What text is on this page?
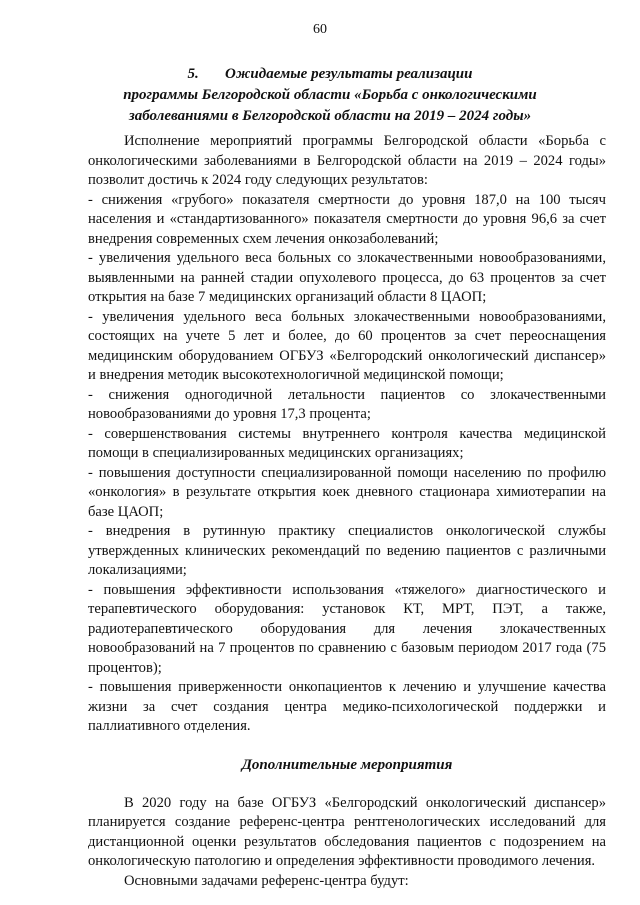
60
5. Ожидаемые результаты реализации
программы Белгородской области «Борьба с онкологическими
заболеваниями в Белгородской области на 2019 – 2024 годы»

Исполнение мероприятий программы Белгородской области «Борьба с онкологическими заболеваниями в Белгородской области на 2019 – 2024 годы» позволит достичь к 2024 году следующих результатов:

- снижения «грубого» показателя смертности до уровня 187,0 на 100 тысяч населения и «стандартизованного» показателя смертности до уровня 96,6 за счет внедрения современных схем лечения онкозаболеваний;

- увеличения удельного веса больных со злокачественными новообразованиями, выявленными на ранней стадии опухолевого процесса, до 63 процентов за счет открытия на базе 7 медицинских организаций области 8 ЦАОП;

- увеличения удельного веса больных злокачественными новообразованиями, состоящих на учете 5 лет и более, до 60 процентов за счет переоснащения медицинским оборудованием ОГБУЗ «Белгородский онкологический диспансер» и внедрения методик высокотехнологичной медицинской помощи;

- снижения одногодичной летальности пациентов со злокачественными новообразованиями до уровня 17,3 процента;

- совершенствования системы внутреннего контроля качества медицинской помощи в специализированных медицинских организациях;

- повышения доступности специализированной помощи населению по профилю «онкология» в результате открытия коек дневного стационара химиотерапии на базе ЦАОП;

- внедрения в рутинную практику специалистов онкологической службы утвержденных клинических рекомендаций по ведению пациентов с различными локализациями;

- повышения эффективности использования «тяжелого» диагностического и терапевтического оборудования: установок КТ, МРТ, ПЭТ, а также, радиотерапевтического оборудования для лечения злокачественных новообразований на 7 процентов по сравнению с базовым периодом 2017 года (75 процентов);

- повышения приверженности онкопациентов к лечению и улучшение качества жизни за счет создания центра медико-психологической поддержки и паллиативного отделения.

Дополнительные мероприятия

В 2020 году на базе ОГБУЗ «Белгородский онкологический диспансер» планируется создание референс-центра рентгенологических исследований для дистанционной оценки результатов обследования пациентов с подозрением на онкологическую патологию и определения эффективности проводимого лечения.

Основными задачами референс-центра будут:
